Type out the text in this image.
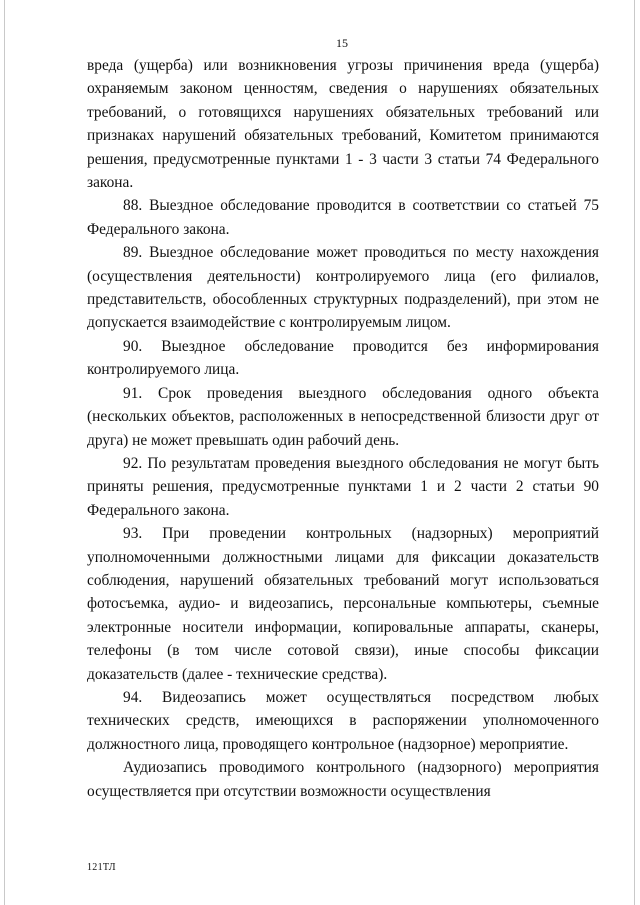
15

вреда (ущерба) или возникновения угрозы причинения вреда (ущерба) охраняемым законом ценностям, сведения о нарушениях обязательных требований, о готовящихся нарушениях обязательных требований или признаках нарушений обязательных требований, Комитетом принимаются решения, предусмотренные пунктами 1 - 3 части 3 статьи 74 Федерального закона.

88. Выездное обследование проводится в соответствии со статьей 75 Федерального закона.

89. Выездное обследование может проводиться по месту нахождения (осуществления деятельности) контролируемого лица (его филиалов, представительств, обособленных структурных подразделений), при этом не допускается взаимодействие с контролируемым лицом.

90. Выездное обследование проводится без информирования контролируемого лица.

91. Срок проведения выездного обследования одного объекта (нескольких объектов, расположенных в непосредственной близости друг от друга) не может превышать один рабочий день.

92. По результатам проведения выездного обследования не могут быть приняты решения, предусмотренные пунктами 1 и 2 части 2 статьи 90 Федерального закона.

93. При проведении контрольных (надзорных) мероприятий уполномоченными должностными лицами для фиксации доказательств соблюдения, нарушений обязательных требований могут использоваться фотосъемка, аудио- и видеозапись, персональные компьютеры, съемные электронные носители информации, копировальные аппараты, сканеры, телефоны (в том числе сотовой связи), иные способы фиксации доказательств (далее - технические средства).

94. Видеозапись может осуществляться посредством любых технических средств, имеющихся в распоряжении уполномоченного должностного лица, проводящего контрольное (надзорное) мероприятие.

Аудиозапись проводимого контрольного (надзорного) мероприятия осуществляется при отсутствии возможности осуществления

121ТЛ
